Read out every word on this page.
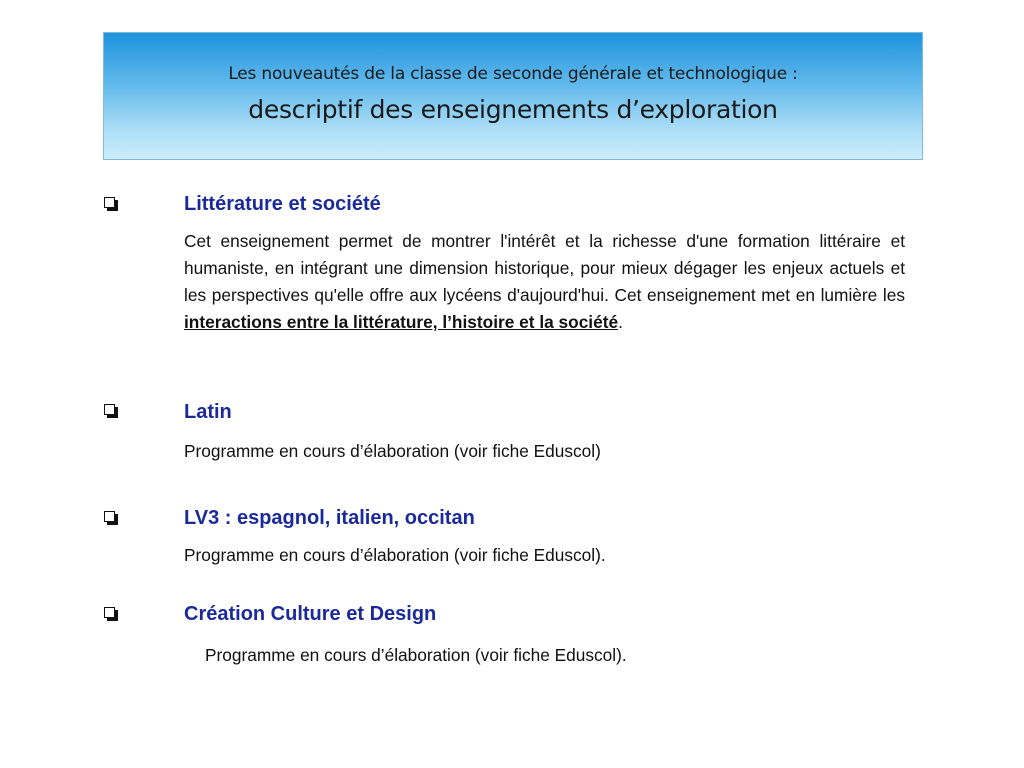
Les nouveautés de la classe de seconde générale et technologique :
descriptif des enseignements d’exploration
Littérature et société
Cet enseignement permet de montrer l'intérêt et la richesse d'une formation littéraire et humaniste, en intégrant une dimension historique, pour mieux dégager les enjeux actuels et les perspectives qu'elle offre aux lycéens d'aujourd'hui. Cet enseignement met en lumière les interactions entre la littérature, l’histoire et la société.
Latin
Programme en cours d’élaboration (voir fiche Eduscol)
LV3 : espagnol, italien, occitan
Programme en cours d’élaboration (voir fiche Eduscol).
Création Culture et Design
Programme en cours d’élaboration (voir fiche Eduscol).
